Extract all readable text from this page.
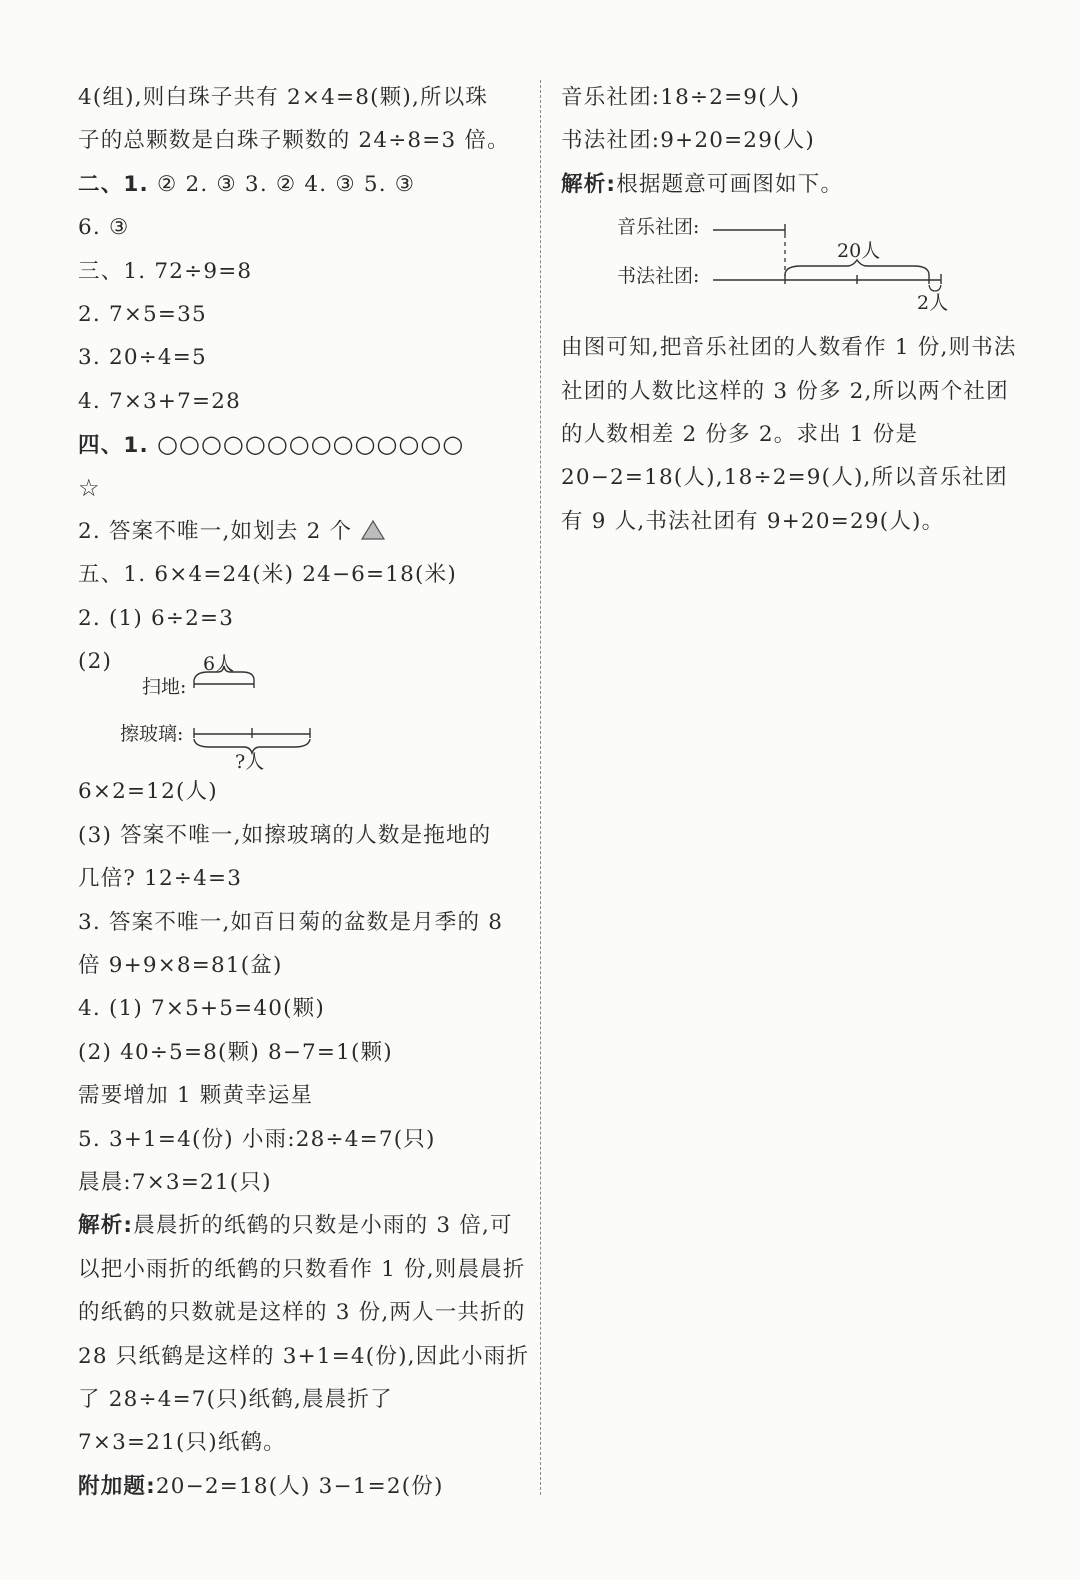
4(组),则白珠子共有 2×4=8(颗),所以珠
子的总颗数是白珠子颗数的 24÷8=3 倍。
二、1. ② 2. ③ 3. ② 4. ③ 5. ③
6. ③
三、1. 72÷9=8
2. 7×5=35
3. 20÷4=5
4. 7×3+7=28
四、1. ○○○○○○○○○○○○○○
☆
2. 答案不唯一,如划去 2 个
五、1. 6×4=24(米) 24−6=18(米)
2. (1) 6÷2=3
(2)	6人
扫地:
擦玻璃:
?人
6×2=12(人)
(3) 答案不唯一,如擦玻璃的人数是拖地的
几倍? 12÷4=3
3. 答案不唯一,如百日菊的盆数是月季的 8
倍 9+9×8=81(盆)
4. (1) 7×5+5=40(颗)
(2) 40÷5=8(颗) 8−7=1(颗)
需要增加 1 颗黄幸运星
5. 3+1=4(份) 小雨:28÷4=7(只)
晨晨:7×3=21(只)
解析:晨晨折的纸鹤的只数是小雨的 3 倍,可以把小雨折的纸鹤的只数看作 1 份,则晨晨折的纸鹤的只数就是这样的 3 份,两人一共折的 28 只纸鹤是这样的 3+1=4(份),因此小雨折了 28÷4=7(只)纸鹤,晨晨折了 7×3=21(只)纸鹤。
附加题:20−2=18(人) 3−1=2(份)
音乐社团:18÷2=9(人)
书法社团:9+20=29(人)
解析:根据题意可画图如下。
音乐社团:
20人
书法社团:
2人
由图可知,把音乐社团的人数看作 1 份,则书法社团的人数比这样的 3 份多 2,所以两个社团的人数相差 2 份多 2。求出 1 份是 20−2=18(人),18÷2=9(人),所以音乐社团有 9 人,书法社团有 9+20=29(人)。
